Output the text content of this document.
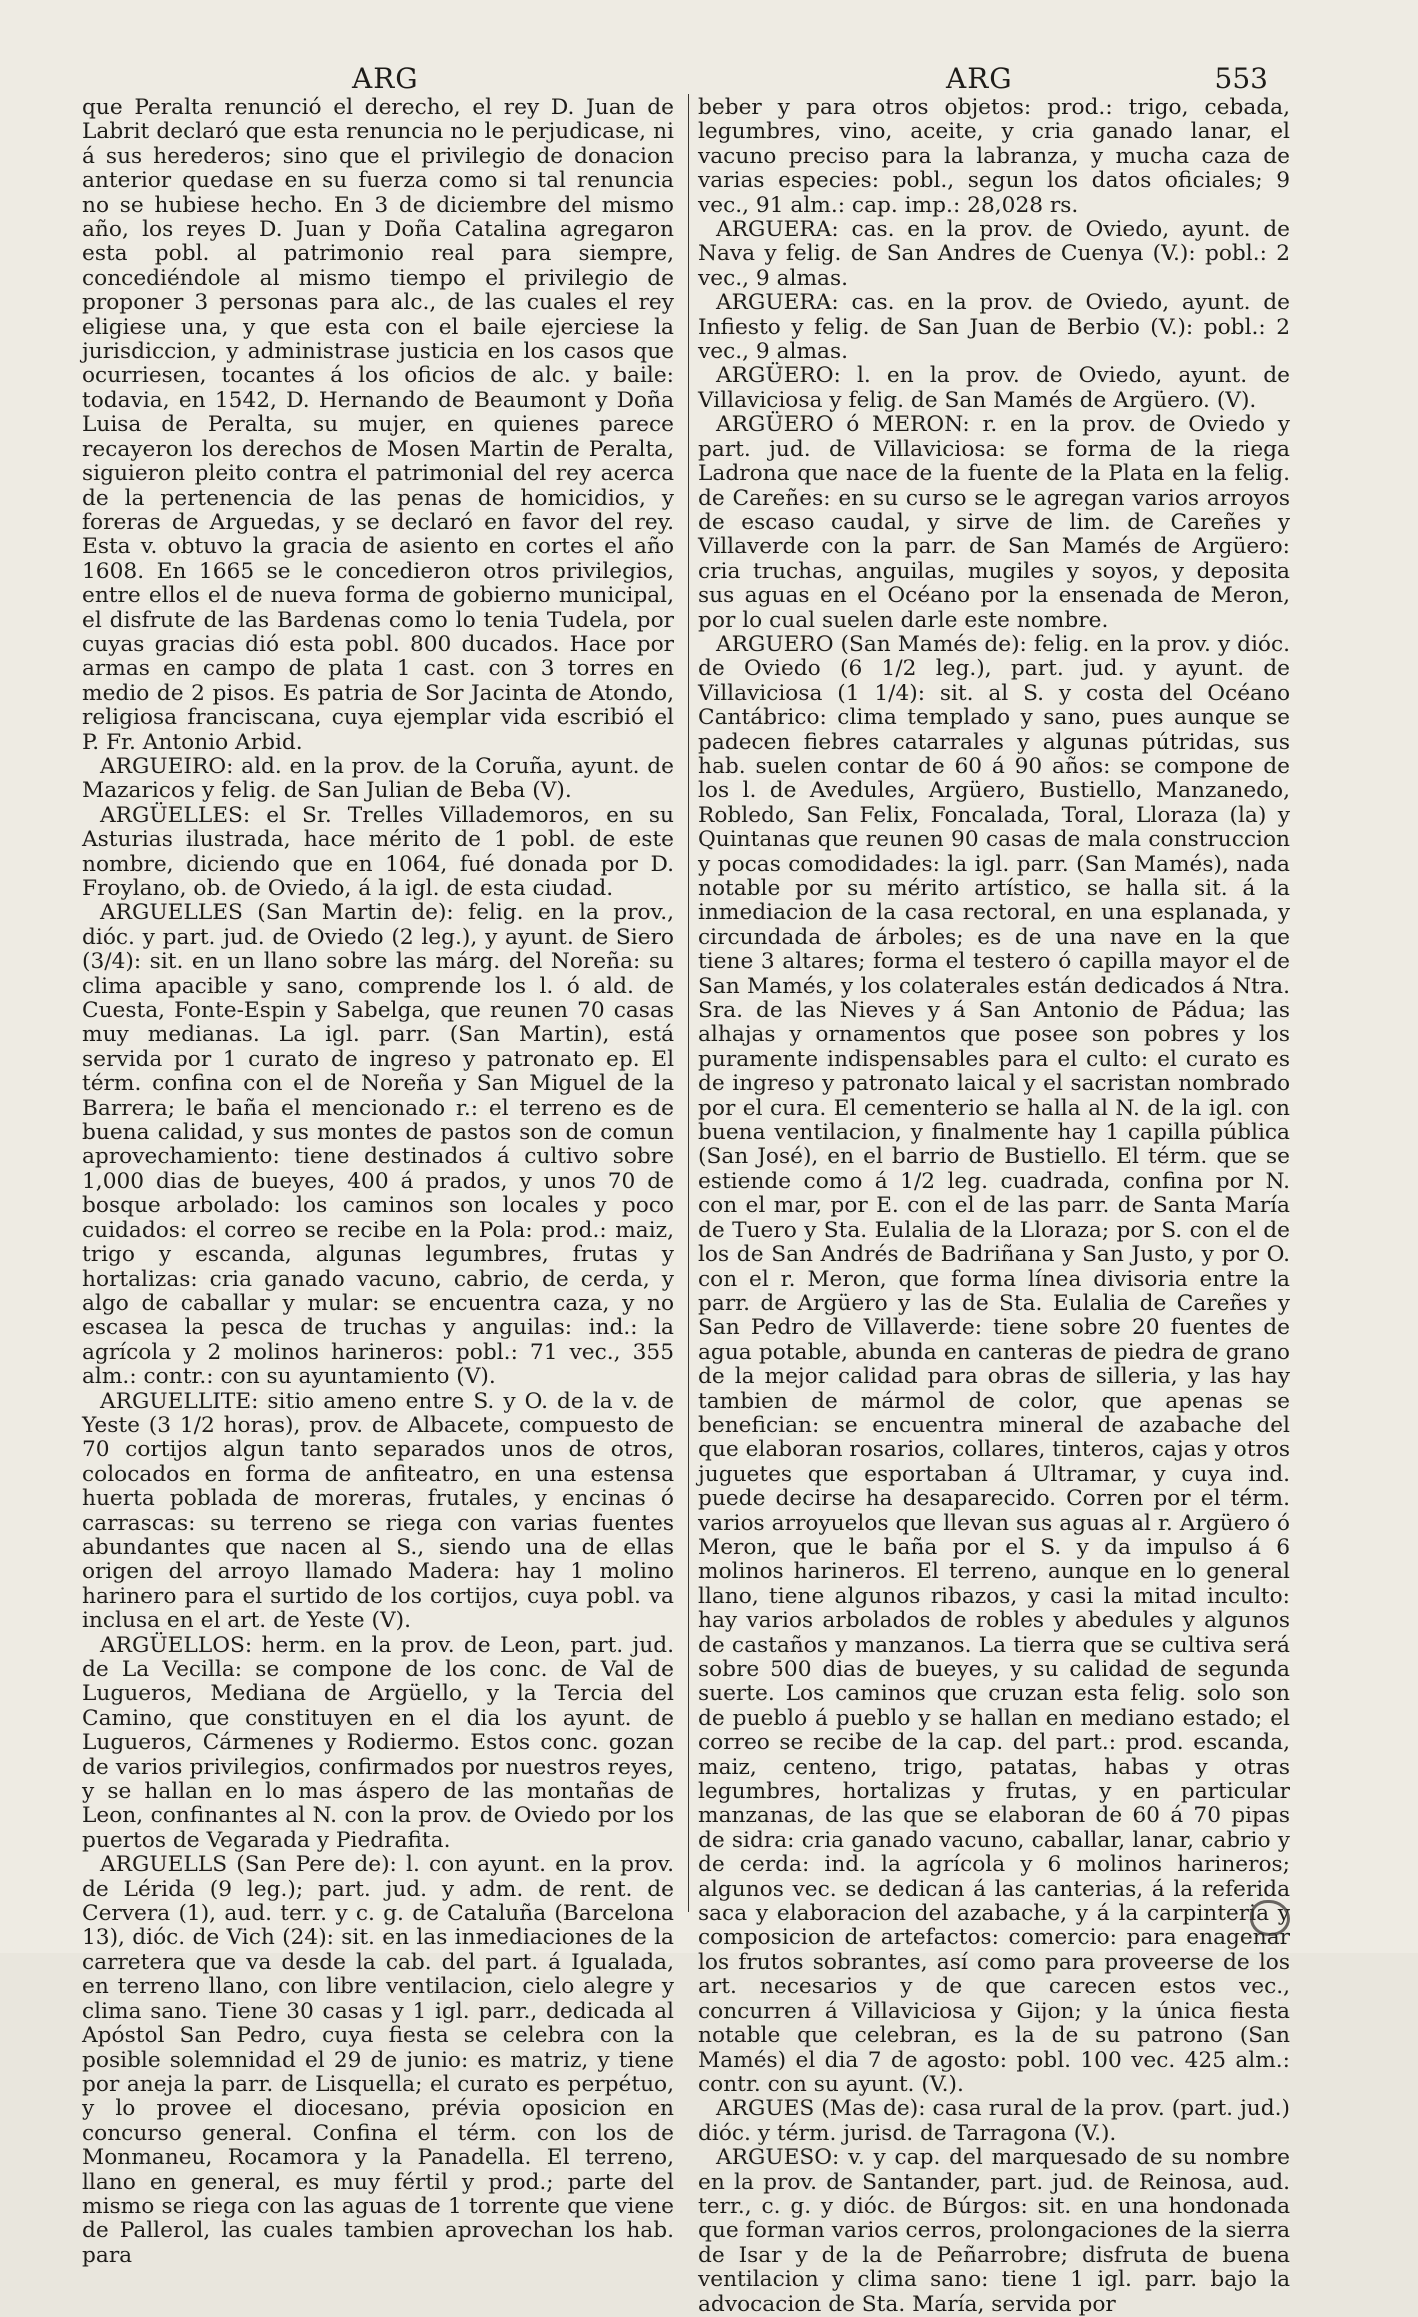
ARG	ARG	553

que Peralta renunció el derecho, el rey D. Juan de Labrit declaró que esta renuncia no le perjudicase, ni á sus herederos; sino que el privilegio de donacion anterior quedase en su fuerza como si tal renuncia no se hubiese hecho. En 3 de diciembre del mismo año, los reyes D. Juan y Doña Catalina agregaron esta pobl. al patrimonio real para siempre, concediéndole al mismo tiempo el privilegio de proponer 3 personas para alc., de las cuales el rey eligiese una, y que esta con el baile ejerciese la jurisdiccion, y administrase justicia en los casos que ocurriesen, tocantes á los oficios de alc. y baile: todavia, en 1542, D. Hernando de Beaumont y Doña Luisa de Peralta, su mujer, en quienes parece recayeron los derechos de Mosen Martin de Peralta, siguieron pleito contra el patrimonial del rey acerca de la pertenencia de las penas de homicidios, y foreras de Arguedas, y se declaró en favor del rey. Esta v. obtuvo la gracia de asiento en cortes el año 1608. En 1665 se le concedieron otros privilegios, entre ellos el de nueva forma de gobierno municipal, el disfrute de las Bardenas como lo tenia Tudela, por cuyas gracias dió esta pobl. 800 ducados. Hace por armas en campo de plata 1 cast. con 3 torres en medio de 2 pisos. Es patria de Sor Jacinta de Atondo, religiosa franciscana, cuya ejemplar vida escribió el P. Fr. Antonio Arbid.

ARGUEIRO: ald. en la prov. de la Coruña, ayunt. de Mazaricos y felig. de San Julian de Beba (V).

ARGÜELLES: el Sr. Trelles Villademoros, en su Asturias ilustrada, hace mérito de 1 pobl. de este nombre, diciendo que en 1064, fué donada por D. Froylano, ob. de Oviedo, á la igl. de esta ciudad.

ARGUELLES (San Martin de): felig. en la prov., dióc. y part. jud. de Oviedo (2 leg.), y ayunt. de Siero (3/4): sit. en un llano sobre las márg. del Noreña: su clima apacible y sano, comprende los l. ó ald. de Cuesta, Fonte-Espin y Sabelga, que reunen 70 casas muy medianas. La igl. parr. (San Martin), está servida por 1 curato de ingreso y patronato ep. El térm. confina con el de Noreña y San Miguel de la Barrera; le baña el mencionado r.: el terreno es de buena calidad, y sus montes de pastos son de comun aprovechamiento: tiene destinados á cultivo sobre 1,000 dias de bueyes, 400 á prados, y unos 70 de bosque arbolado: los caminos son locales y poco cuidados: el correo se recibe en la Pola: prod.: maiz, trigo y escanda, algunas legumbres, frutas y hortalizas: cria ganado vacuno, cabrio, de cerda, y algo de caballar y mular: se encuentra caza, y no escasea la pesca de truchas y anguilas: ind.: la agrícola y 2 molinos harineros: pobl.: 71 vec., 355 alm.: contr.: con su ayuntamiento (V).

ARGUELLITE: sitio ameno entre S. y O. de la v. de Yeste (3 1/2 horas), prov. de Albacete, compuesto de 70 cortijos algun tanto separados unos de otros, colocados en forma de anfiteatro, en una estensa huerta poblada de moreras, frutales, y encinas ó carrascas: su terreno se riega con varias fuentes abundantes que nacen al S., siendo una de ellas origen del arroyo llamado Madera: hay 1 molino harinero para el surtido de los cortijos, cuya pobl. va inclusa en el art. de Yeste (V).

ARGÜELLOS: herm. en la prov. de Leon, part. jud. de La Vecilla: se compone de los conc. de Val de Lugueros, Mediana de Argüello, y la Tercia del Camino, que constituyen en el dia los ayunt. de Lugueros, Cármenes y Rodiermo. Estos conc. gozan de varios privilegios, confirmados por nuestros reyes, y se hallan en lo mas áspero de las montañas de Leon, confinantes al N. con la prov. de Oviedo por los puertos de Vegarada y Piedrafita.

ARGUELLS (San Pere de): l. con ayunt. en la prov. de Lérida (9 leg.); part. jud. y adm. de rent. de Cervera (1), aud. terr. y c. g. de Cataluña (Barcelona 13), dióc. de Vich (24): sit. en las inmediaciones de la carretera que va desde la cab. del part. á Igualada, en terreno llano, con libre ventilacion, cielo alegre y clima sano. Tiene 30 casas y 1 igl. parr., dedicada al Apóstol San Pedro, cuya fiesta se celebra con la posible solemnidad el 29 de junio: es matriz, y tiene por aneja la parr. de Lisquella; el curato es perpétuo, y lo provee el diocesano, prévia oposicion en concurso general. Confina el térm. con los de Monmaneu, Rocamora y la Panadella. El terreno, llano en general, es muy fértil y prod.; parte del mismo se riega con las aguas de 1 torrente que viene de Pallerol, las cuales tambien aprovechan los hab. para

beber y para otros objetos: prod.: trigo, cebada, legumbres, vino, aceite, y cria ganado lanar, el vacuno preciso para la labranza, y mucha caza de varias especies: pobl., segun los datos oficiales; 9 vec., 91 alm.: cap. imp.: 28,028 rs.

ARGUERA: cas. en la prov. de Oviedo, ayunt. de Nava y felig. de San Andres de Cuenya (V.): pobl.: 2 vec., 9 almas.

ARGUERA: cas. en la prov. de Oviedo, ayunt. de Infiesto y felig. de San Juan de Berbio (V.): pobl.: 2 vec., 9 almas.

ARGÜERO: l. en la prov. de Oviedo, ayunt. de Villaviciosa y felig. de San Mamés de Argüero. (V).

ARGÜERO ó MERON: r. en la prov. de Oviedo y part. jud. de Villaviciosa: se forma de la riega Ladrona que nace de la fuente de la Plata en la felig. de Careñes: en su curso se le agregan varios arroyos de escaso caudal, y sirve de lim. de Careñes y Villaverde con la parr. de San Mamés de Argüero: cria truchas, anguilas, mugiles y soyos, y deposita sus aguas en el Océano por la ensenada de Meron, por lo cual suelen darle este nombre.

ARGUERO (San Mamés de): felig. en la prov. y dióc. de Oviedo (6 1/2 leg.), part. jud. y ayunt. de Villaviciosa (1 1/4): sit. al S. y costa del Océano Cantábrico: clima templado y sano, pues aunque se padecen fiebres catarrales y algunas pútridas, sus hab. suelen contar de 60 á 90 años: se compone de los l. de Avedules, Argüero, Bustiello, Manzanedo, Robledo, San Felix, Foncalada, Toral, Lloraza (la) y Quintanas que reunen 90 casas de mala construccion y pocas comodidades: la igl. parr. (San Mamés), nada notable por su mérito artístico, se halla sit. á la inmediacion de la casa rectoral, en una esplanada, y circundada de árboles; es de una nave en la que tiene 3 altares; forma el testero ó capilla mayor el de San Mamés, y los colaterales están dedicados á Ntra. Sra. de las Nieves y á San Antonio de Pádua; las alhajas y ornamentos que posee son pobres y los puramente indispensables para el culto: el curato es de ingreso y patronato laical y el sacristan nombrado por el cura. El cementerio se halla al N. de la igl. con buena ventilacion, y finalmente hay 1 capilla pública (San José), en el barrio de Bustiello. El térm. que se estiende como á 1/2 leg. cuadrada, confina por N. con el mar, por E. con el de las parr. de Santa María de Tuero y Sta. Eulalia de la Lloraza; por S. con el de los de San Andrés de Badriñana y San Justo, y por O. con el r. Meron, que forma línea divisoria entre la parr. de Argüero y las de Sta. Eulalia de Careñes y San Pedro de Villaverde: tiene sobre 20 fuentes de agua potable, abunda en canteras de piedra de grano de la mejor calidad para obras de silleria, y las hay tambien de mármol de color, que apenas se benefician: se encuentra mineral de azabache del que elaboran rosarios, collares, tinteros, cajas y otros juguetes que esportaban á Ultramar, y cuya ind. puede decirse ha desaparecido. Corren por el térm. varios arroyuelos que llevan sus aguas al r. Argüero ó Meron, que le baña por el S. y da impulso á 6 molinos harineros. El terreno, aunque en lo general llano, tiene algunos ribazos, y casi la mitad inculto: hay varios arbolados de robles y abedules y algunos de castaños y manzanos. La tierra que se cultiva será sobre 500 dias de bueyes, y su calidad de segunda suerte. Los caminos que cruzan esta felig. solo son de pueblo á pueblo y se hallan en mediano estado; el correo se recibe de la cap. del part.: prod. escanda, maiz, centeno, trigo, patatas, habas y otras legumbres, hortalizas y frutas, y en particular manzanas, de las que se elaboran de 60 á 70 pipas de sidra: cria ganado vacuno, caballar, lanar, cabrio y de cerda: ind. la agrícola y 6 molinos harineros; algunos vec. se dedican á las canterias, á la referida saca y elaboracion del azabache, y á la carpinteria y composicion de artefactos: comercio: para enagenar los frutos sobrantes, así como para proveerse de los art. necesarios y de que carecen estos vec., concurren á Villaviciosa y Gijon; y la única fiesta notable que celebran, es la de su patrono (San Mamés) el dia 7 de agosto: pobl. 100 vec. 425 alm.: contr. con su ayunt. (V.).

ARGUES (Mas de): casa rural de la prov. (part. jud.) dióc. y térm. jurisd. de Tarragona (V.).

ARGUESO: v. y cap. del marquesado de su nombre en la prov. de Santander, part. jud. de Reinosa, aud. terr., c. g. y dióc. de Búrgos: sit. en una hondonada que forman varios cerros, prolongaciones de la sierra de Isar y de la de Peñarrobre; disfruta de buena ventilacion y clima sano: tiene 1 igl. parr. bajo la advocacion de Sta. María, servida por
